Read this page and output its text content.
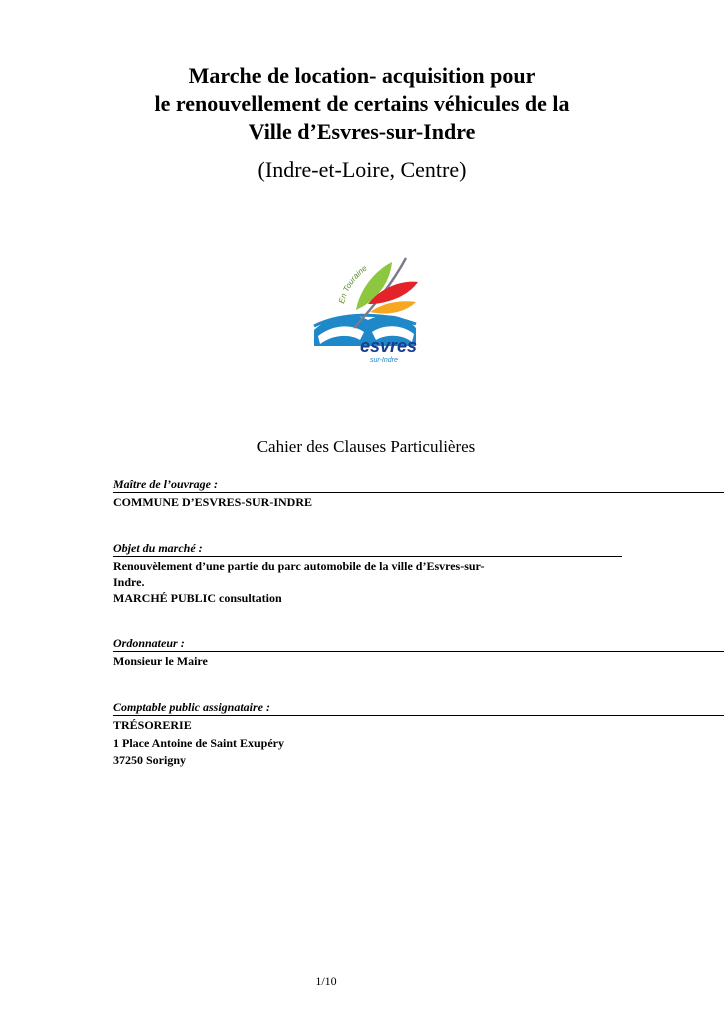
Marche de location- acquisition pour
le renouvellement de certains véhicules de la
Ville d’Esvres-sur-Indre
(Indre-et-Loire, Centre)
En Touraine
esvres
sur-Indre
Cahier des Clauses Particulières
Maître de l’ouvrage :
COMMUNE D’ESVRES-SUR-INDRE
Objet du marché :
Renouvèlement d’une partie du parc automobile de la ville d’Esvres-sur-
Indre.
MARCHÉ PUBLIC consultation
Ordonnateur :
Monsieur le Maire
Comptable public assignataire :
TRÉSORERIE
1 Place Antoine de Saint Exupéry
37250 Sorigny
1/10
